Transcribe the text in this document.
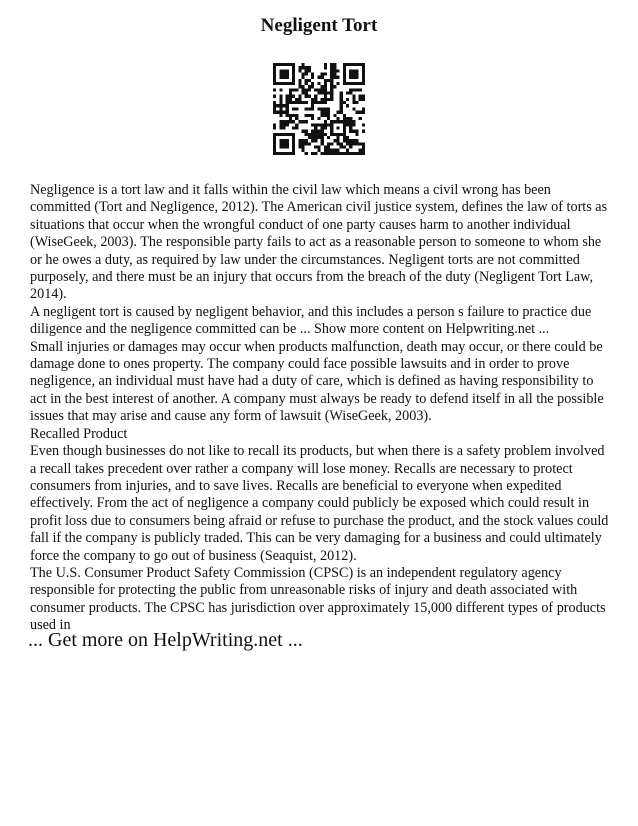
Negligent Tort

Negligence is a tort law and it falls within the civil law which means a civil wrong has been committed (Tort and Negligence, 2012). The American civil justice system, defines the law of torts as situations that occur when the wrongful conduct of one party causes harm to another individual (WiseGeek, 2003). The responsible party fails to act as a reasonable person to someone to whom she or he owes a duty, as required by law under the circumstances. Negligent torts are not committed purposely, and there must be an injury that occurs from the breach of the duty (Negligent Tort Law, 2014).

A negligent tort is caused by negligent behavior, and this includes a person s failure to practice due diligence and the negligence committed can be ... Show more content on Helpwriting.net ...

Small injuries or damages may occur when products malfunction, death may occur, or there could be damage done to ones property. The company could face possible lawsuits and in order to prove negligence, an individual must have had a duty of care, which is defined as having responsibility to act in the best interest of another. A company must always be ready to defend itself in all the possible issues that may arise and cause any form of lawsuit (WiseGeek, 2003).

Recalled Product

Even though businesses do not like to recall its products, but when there is a safety problem involved a recall takes precedent over rather a company will lose money. Recalls are necessary to protect consumers from injuries, and to save lives. Recalls are beneficial to everyone when expedited effectively. From the act of negligence a company could publicly be exposed which could result in profit loss due to consumers being afraid or refuse to purchase the product, and the stock values could fall if the company is publicly traded. This can be very damaging for a business and could ultimately force the company to go out of business (Seaquist, 2012).

The U.S. Consumer Product Safety Commission (CPSC) is an independent regulatory agency responsible for protecting the public from unreasonable risks of injury and death associated with consumer products. The CPSC has jurisdiction over approximately 15,000 different types of products used in

... Get more on HelpWriting.net ...
